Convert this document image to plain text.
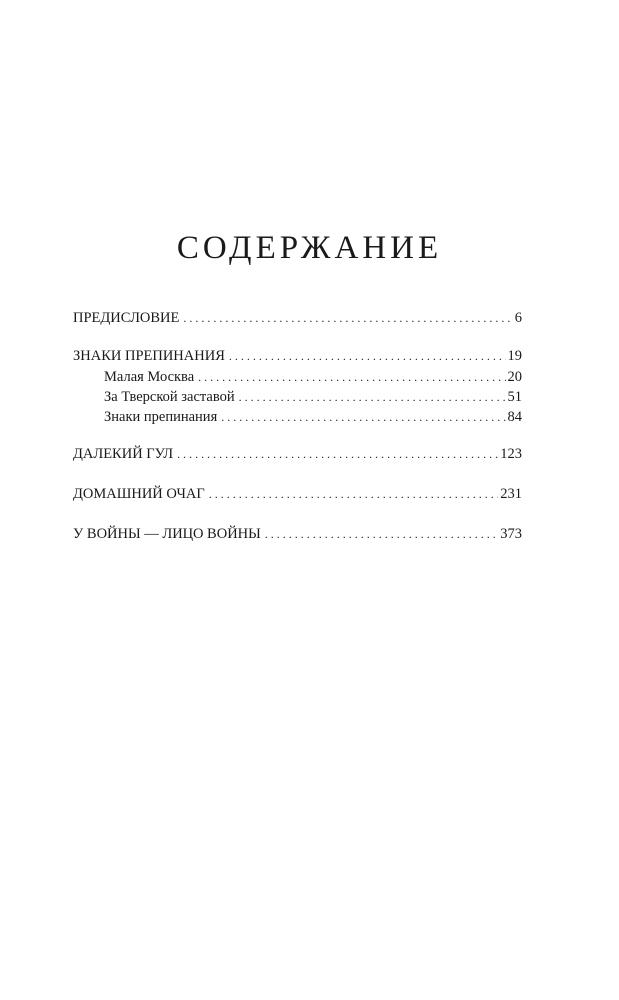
СОДЕРЖАНИЕ
ПРЕДИСЛОВИЕ . . .	6
ЗНАКИ ПРЕПИНАНИЯ . . .	19
Малая Москва . . .	20
За Тверской заставой . . .	51
Знаки препинания . . .	84
ДАЛЕКИЙ ГУЛ . . .	123
ДОМАШНИЙ ОЧАГ . . .	231
У ВОЙНЫ — ЛИЦО ВОЙНЫ . . .	373
